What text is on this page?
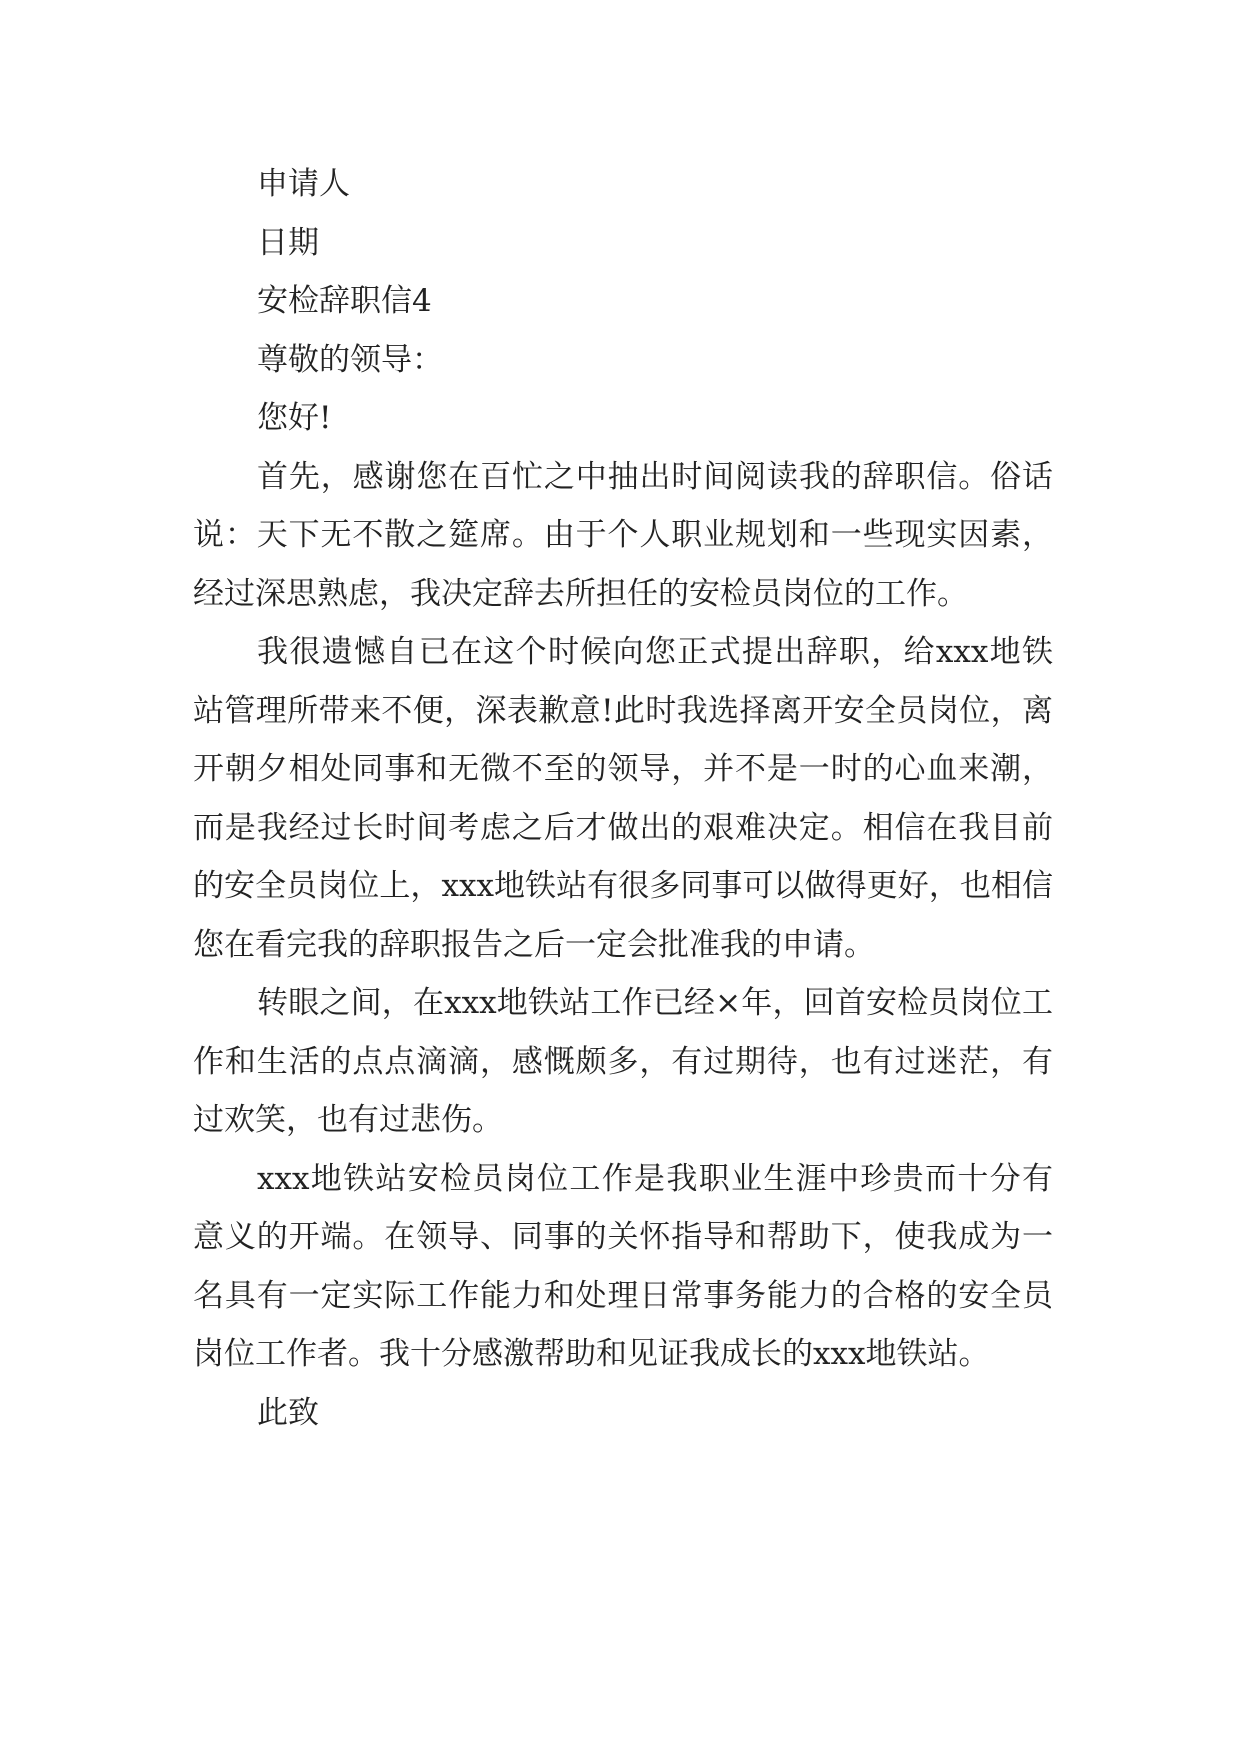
申请人

日期

安检辞职信4

尊敬的领导：

您好!

首先，感谢您在百忙之中抽出时间阅读我的辞职信。俗话说：天下无不散之筵席。由于个人职业规划和一些现实因素，经过深思熟虑，我决定辞去所担任的安检员岗位的工作。

我很遗憾自已在这个时候向您正式提出辞职，给xxx地铁站管理所带来不便，深表歉意!此时我选择离开安全员岗位，离开朝夕相处同事和无微不至的领导，并不是一时的心血来潮，而是我经过长时间考虑之后才做出的艰难决定。相信在我目前的安全员岗位上，xxx地铁站有很多同事可以做得更好，也相信您在看完我的辞职报告之后一定会批准我的申请。

转眼之间，在xxx地铁站工作已经×年，回首安检员岗位工作和生活的点点滴滴，感慨颇多，有过期待，也有过迷茫，有过欢笑，也有过悲伤。

xxx地铁站安检员岗位工作是我职业生涯中珍贵而十分有意义的开端。在领导、同事的关怀指导和帮助下，使我成为一名具有一定实际工作能力和处理日常事务能力的合格的安全员岗位工作者。我十分感激帮助和见证我成长的xxx地铁站。

此致
